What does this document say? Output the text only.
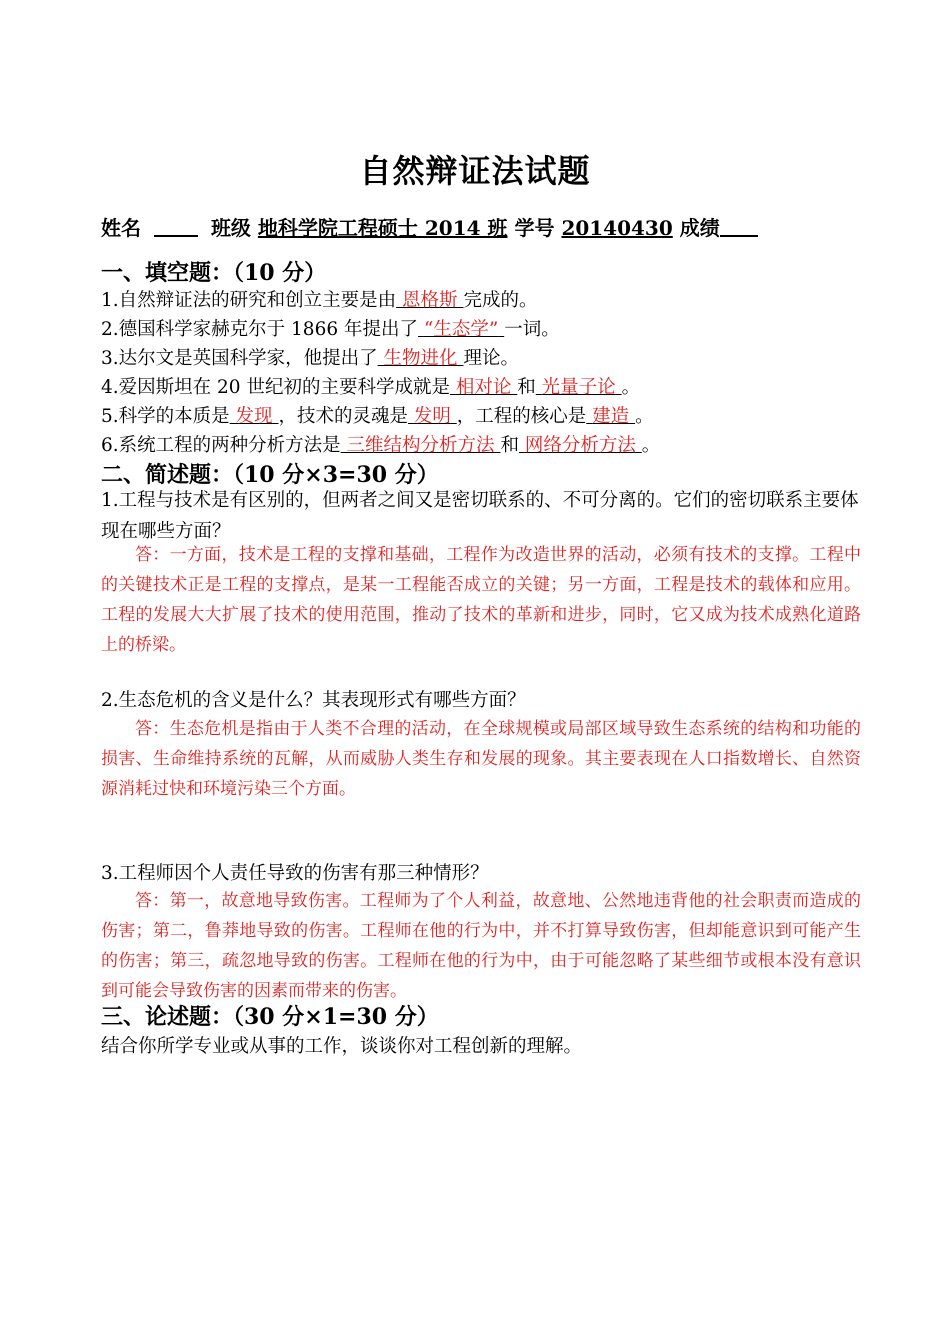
自然辩证法试题
姓名	班级 地科学院工程硕士 2014 班 学号 20140430 成绩
一、填空题：（10 分）
1.自然辩证法的研究和创立主要是由 恩格斯 完成的。
2.德国科学家赫克尔于 1866 年提出了 “生态学” 一词。
3.达尔文是英国科学家，他提出了 生物进化 理论。
4.爱因斯坦在 20 世纪初的主要科学成就是 相对论 和 光量子论 。
5.科学的本质是 发现 ，技术的灵魂是 发明 ，工程的核心是 建造 。
6.系统工程的两种分析方法是 三维结构分析方法 和 网络分析方法 。
二、简述题：（10 分×3=30 分）
1.工程与技术是有区别的，但两者之间又是密切联系的、不可分离的。它们的密切联系主要体现在哪些方面？
答：一方面，技术是工程的支撑和基础，工程作为改造世界的活动，必须有技术的支撑。工程中的关键技术正是工程的支撑点，是某一工程能否成立的关键；另一方面，工程是技术的载体和应用。工程的发展大大扩展了技术的使用范围，推动了技术的革新和进步，同时，它又成为技术成熟化道路上的桥梁。
2.生态危机的含义是什么？其表现形式有哪些方面？
答：生态危机是指由于人类不合理的活动，在全球规模或局部区域导致生态系统的结构和功能的损害、生命维持系统的瓦解，从而威胁人类生存和发展的现象。其主要表现在人口指数增长、自然资源消耗过快和环境污染三个方面。
3.工程师因个人责任导致的伤害有那三种情形？
答：第一，故意地导致伤害。工程师为了个人利益，故意地、公然地违背他的社会职责而造成的伤害；第二，鲁莽地导致的伤害。工程师在他的行为中，并不打算导致伤害，但却能意识到可能产生的伤害；第三，疏忽地导致的伤害。工程师在他的行为中，由于可能忽略了某些细节或根本没有意识到可能会导致伤害的因素而带来的伤害。
三、论述题：（30 分×1=30 分）
结合你所学专业或从事的工作，谈谈你对工程创新的理解。
